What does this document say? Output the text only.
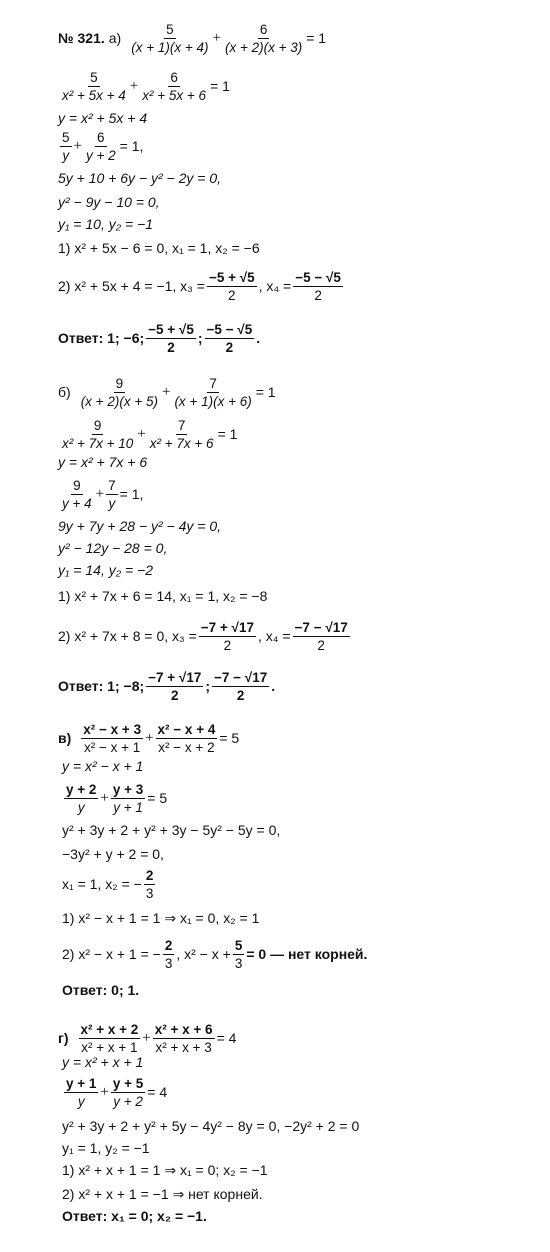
№ 321. $а) \frac{5}{(x + 1)(x + 4)} + \frac{6}{(x + 2)(x + 3)} = 1$
$\frac{5}{\text{x² + 5x + 4}} + \frac{6}{\text{x² + 5x + 6}} = 1$
y = x² + 5x + 4
$\frac{5}{y} + \frac{6}{y + 2} = 1$,
5y + 10 + 6y − y² − 2y = 0,
y² − 9y − 10 = 0,
y₁ = 10, y₂ = −1
1) x² + 5x − 6 = 0, x₁ = 1, x₂ = −6
2) x² + 5x + 4 = −1, $x_3 = \frac{-5 + √5}{2}$ , $x_4 = \frac{-5 - √5}{2}$
Ответ: 1; −6; $\frac{-5 + √5}{2}$ ; $\frac{-5 - √5}{2}$ .
$б) \frac{9}{(x + 2)(x + 5)} + \frac{7}{(x + 1)(x + 6)} = 1$
$\frac{9}{\text{x² + 7x + 10}} + \frac{7}{\text{x² + 7x + 6}} = 1$
y = x² + 7x + 6
$\frac{9}{y + 4} + \frac{7}{y} = 1$,
9y + 7y + 28 − y² − 4y = 0,
y² − 12y − 28 = 0,
y₁ = 14, y₂ = −2
1) x² + 7x + 6 = 14, x₁ = 1, x₂ = −8
2) x² + 7x + 8 = 0, $x_3 = \frac{-7 + √17}{2}$ , $x_4 = \frac{-7 - √17}{2}$
Ответ: 1; −8; $\frac{-7 + √17}{2}$ ; $\frac{-7 - √17}{2}$ .
$в) \frac{\text{x² − x + 3}}{\text{x² − x + 1}} + \frac{\text{x² − x + 4}}{\text{x² − x + 2}} = 5$
y = x² − x + 1
$\frac{y + 2}{y} + \frac{y + 3}{y + 1} = 5$
y² + 3y + 2 + y² + 3y − 5y² − 5y = 0,
−3y² + y + 2 = 0,
x₁ = 1, x₂ = − $\frac{2}{3}$
1) x² − x + 1 = 1 ⇒ x₁ = 0, x₂ = 1
2) x² − x + 1 = − $\frac{2}{3}$ , $x^2 - x + \frac{5}{3} = 0$ — нет корней.
Ответ: 0; 1.
$г) \frac{\text{x² + x + 2}}{\text{x² + x + 1}} + \frac{\text{x² + x + 6}}{\text{x² + x + 3}} = 4$
y = x² + x + 1
$\frac{y + 1}{y} + \frac{y + 5}{y + 2} = 4$
y² + 3y + 2 + y² + 5y − 4y² − 8y = 0, −2y² + 2 = 0
y₁ = 1, y₂ = −1
1) x² + x + 1 = 1 ⇒ x₁ = 0; x₂ = −1
2) x² + x + 1 = −1 ⇒ нет корней.
Ответ: x₁ = 0; x₂ = −1.
